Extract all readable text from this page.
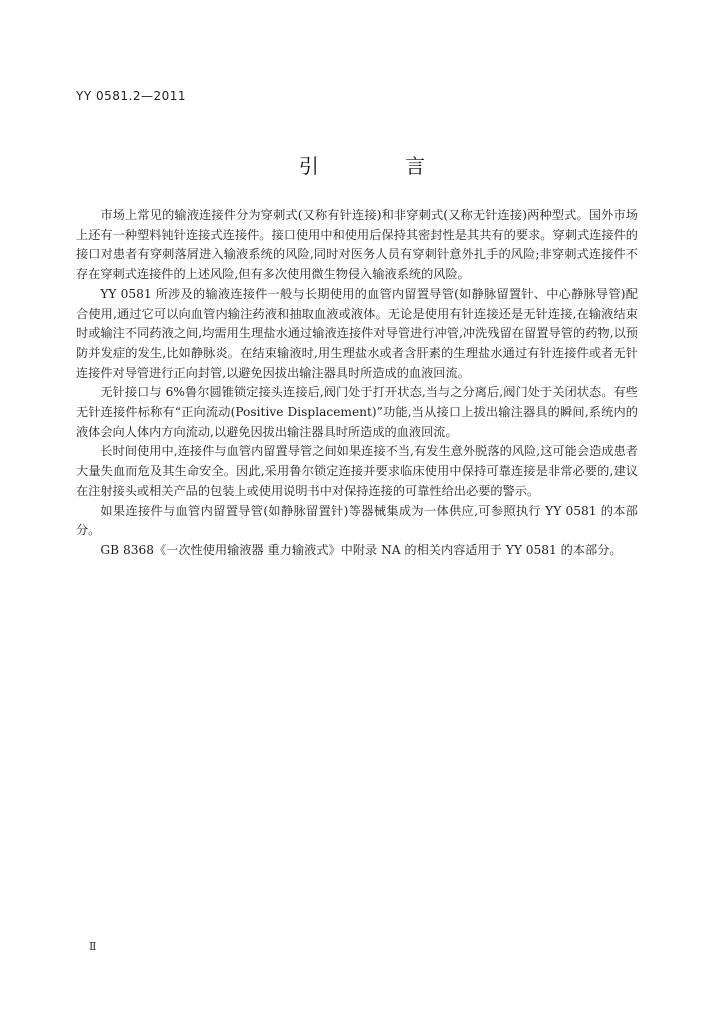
YY 0581.2—2011
引 言

市场上常见的输液连接件分为穿刺式(又称有针连接)和非穿刺式(又称无针连接)两种型式。国外市场上还有一种塑料钝针连接式连接件。接口使用中和使用后保持其密封性是其共有的要求。穿刺式连接件的接口对患者有穿刺落屑进入输液系统的风险,同时对医务人员有穿刺针意外扎手的风险;非穿刺式连接件不存在穿刺式连接件的上述风险,但有多次使用微生物侵入输液系统的风险。

YY 0581 所涉及的输液连接件一般与长期使用的血管内留置导管(如静脉留置针、中心静脉导管)配合使用,通过它可以向血管内输注药液和抽取血液或液体。无论是使用有针连接还是无针连接,在输液结束时或输注不同药液之间,均需用生理盐水通过输液连接件对导管进行冲管,冲洗残留在留置导管的药物,以预防并发症的发生,比如静脉炎。在结束输液时,用生理盐水或者含肝素的生理盐水通过有针连接件或者无针连接件对导管进行正向封管,以避免因拔出输注器具时所造成的血液回流。

无针接口与 6%鲁尔圆锥锁定接头连接后,阀门处于打开状态,当与之分离后,阀门处于关闭状态。有些无针连接件标称有“正向流动(Positive Displacement)”功能,当从接口上拔出输注器具的瞬间,系统内的液体会向人体内方向流动,以避免因拔出输注器具时所造成的血液回流。

长时间使用中,连接件与血管内留置导管之间如果连接不当,有发生意外脱落的风险,这可能会造成患者大量失血而危及其生命安全。因此,采用鲁尔锁定连接并要求临床使用中保持可靠连接是非常必要的,建议在注射接头或相关产品的包装上或使用说明书中对保持连接的可靠性给出必要的警示。

如果连接件与血管内留置导管(如静脉留置针)等器械集成为一体供应,可参照执行 YY 0581 的本部分。

GB 8368《一次性使用输液器 重力输液式》中附录 NA 的相关内容适用于 YY 0581 的本部分。

Ⅱ
